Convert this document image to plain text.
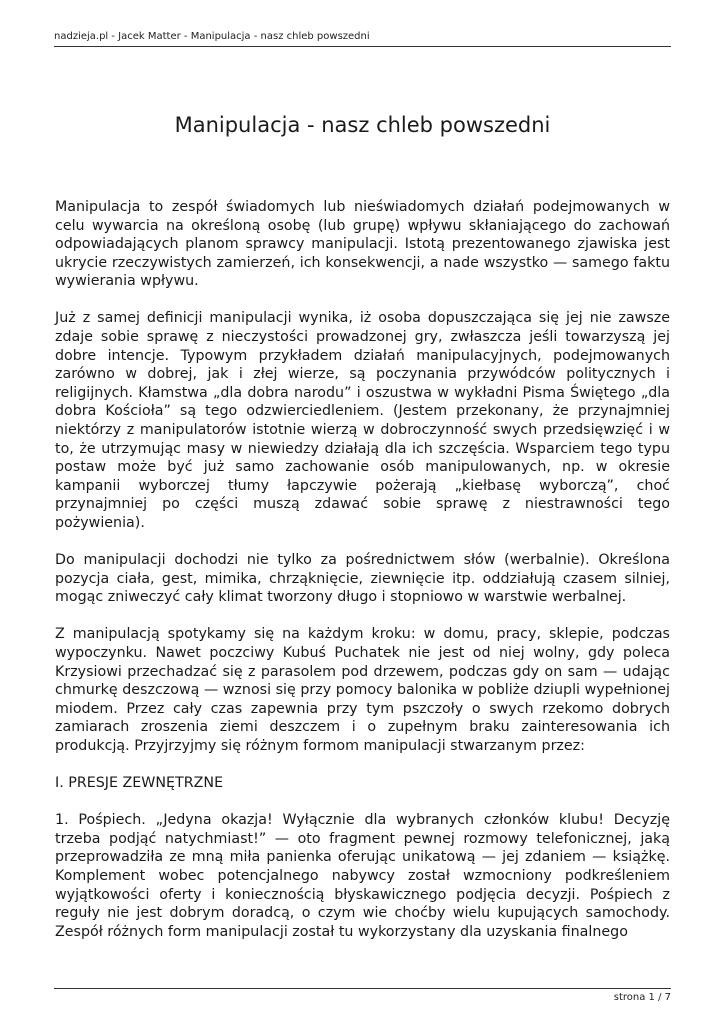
nadzieja.pl - Jacek Matter - Manipulacja - nasz chleb powszedni
Manipulacja - nasz chleb powszedni

Manipulacja to zespół świadomych lub nieświadomych działań podejmowanych w celu wywarcia na określoną osobę (lub grupę) wpływu skłaniającego do zachowań odpowiadających planom sprawcy manipulacji. Istotą prezentowanego zjawiska jest ukrycie rzeczywistych zamierzeń, ich konsekwencji, a nade wszystko — samego faktu wywierania wpływu.

Już z samej definicji manipulacji wynika, iż osoba dopuszczająca się jej nie zawsze zdaje sobie sprawę z nieczystości prowadzonej gry, zwłaszcza jeśli towarzyszą jej dobre intencje. Typowym przykładem działań manipulacyjnych, podejmowanych zarówno w dobrej, jak i złej wierze, są poczynania przywódców politycznych i religijnych. Kłamstwa „dla dobra narodu” i oszustwa w wykładni Pisma Świętego „dla dobra Kościoła” są tego odzwierciedleniem. (Jestem przekonany, że przynajmniej niektórzy z manipulatorów istotnie wierzą w dobroczynność swych przedsięwzięć i w to, że utrzymując masy w niewiedzy działają dla ich szczęścia. Wsparciem tego typu postaw może być już samo zachowanie osób manipulowanych, np. w okresie kampanii wyborczej tłumy łapczywie pożerają „kiełbasę wyborczą”, choć przynajmniej po części muszą zdawać sobie sprawę z niestrawności tego pożywienia).

Do manipulacji dochodzi nie tylko za pośrednictwem słów (werbalnie). Określona pozycja ciała, gest, mimika, chrząknięcie, ziewnięcie itp. oddziałują czasem silniej, mogąc zniweczyć cały klimat tworzony długo i stopniowo w warstwie werbalnej.

Z manipulacją spotykamy się na każdym kroku: w domu, pracy, sklepie, podczas wypoczynku. Nawet poczciwy Kubuś Puchatek nie jest od niej wolny, gdy poleca Krzysiowi przechadzać się z parasolem pod drzewem, podczas gdy on sam — udając chmurkę deszczową — wznosi się przy pomocy balonika w pobliże dziupli wypełnionej miodem. Przez cały czas zapewnia przy tym pszczoły o swych rzekomo dobrych zamiarach zroszenia ziemi deszczem i o zupełnym braku zainteresowania ich produkcją. Przyjrzyjmy się różnym formom manipulacji stwarzanym przez:

I. PRESJE ZEWNĘTRZNE

1. Pośpiech. „Jedyna okazja! Wyłącznie dla wybranych członków klubu! Decyzję trzeba podjąć natychmiast!” — oto fragment pewnej rozmowy telefonicznej, jaką przeprowadziła ze mną miła panienka oferując unikatową — jej zdaniem — książkę. Komplement wobec potencjalnego nabywcy został wzmocniony podkreśleniem wyjątkowości oferty i koniecznością błyskawicznego podjęcia decyzji. Pośpiech z reguły nie jest dobrym doradcą, o czym wie choćby wielu kupujących samochody. Zespół różnych form manipulacji został tu wykorzystany dla uzyskania finalnego

strona 1 / 7
